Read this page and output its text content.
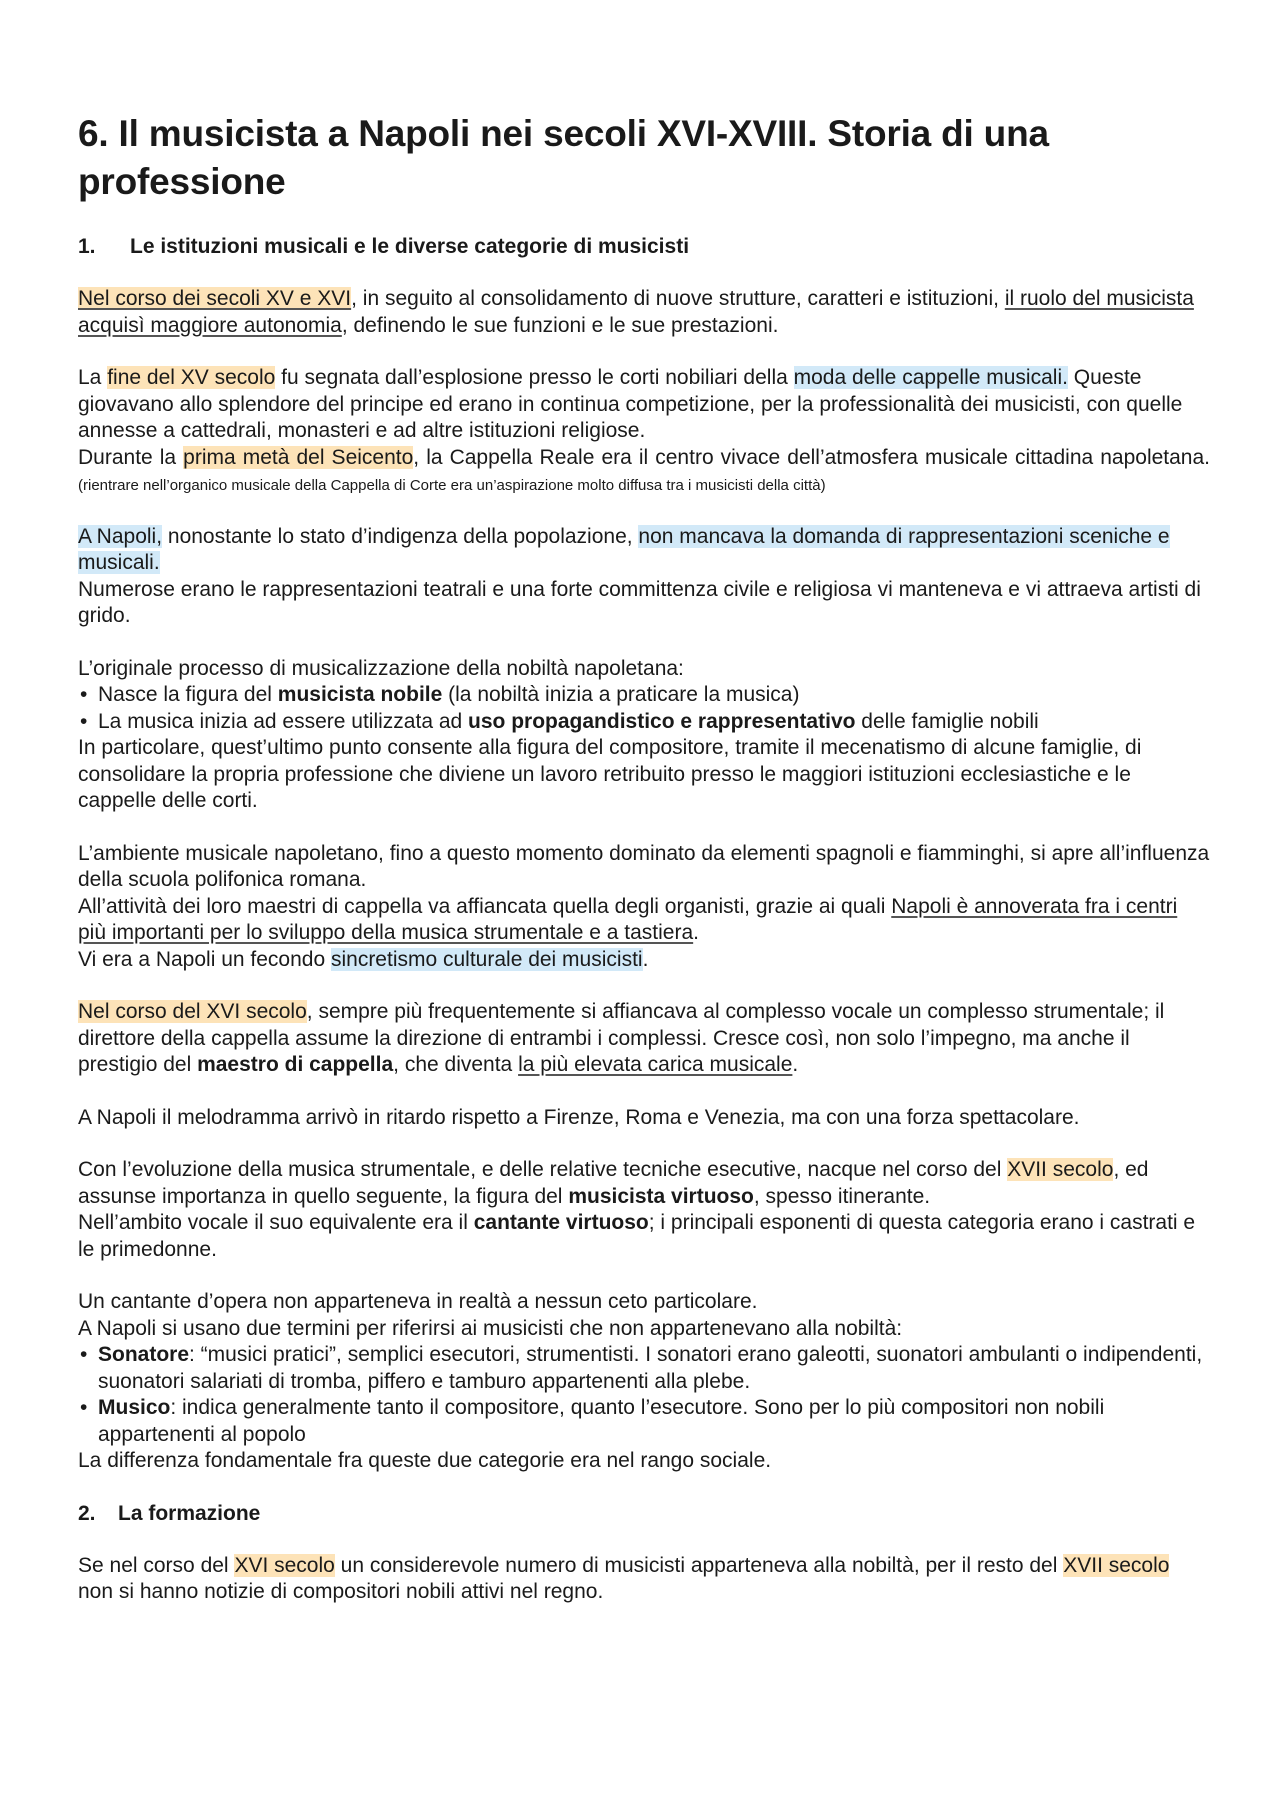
6. Il musicista a Napoli nei secoli XVI-XVIII. Storia di una professione
1. Le istituzioni musicali e le diverse categorie di musicisti

Nel corso dei secoli XV e XVI, in seguito al consolidamento di nuove strutture, caratteri e istituzioni, il ruolo del musicista acquisì maggiore autonomia, definendo le sue funzioni e le sue prestazioni.

La fine del XV secolo fu segnata dall’esplosione presso le corti nobiliari della moda delle cappelle musicali. Queste giovavano allo splendore del principe ed erano in continua competizione, per la professionalità dei musicisti, con quelle annesse a cattedrali, monasteri e ad altre istituzioni religiose.
Durante la prima metà del Seicento, la Cappella Reale era il centro vivace dell’atmosfera musicale cittadina napoletana. (rientrare nell’organico musicale della Cappella di Corte era un’aspirazione molto diffusa tra i musicisti della città)

A Napoli, nonostante lo stato d’indigenza della popolazione, non mancava la domanda di rappresentazioni sceniche e musicali.
Numerose erano le rappresentazioni teatrali e una forte committenza civile e religiosa vi manteneva e vi attraeva artisti di grido.

L’originale processo di musicalizzazione della nobiltà napoletana:

• Nasce la figura del musicista nobile (la nobiltà inizia a praticare la musica)
• La musica inizia ad essere utilizzata ad uso propagandistico e rappresentativo delle famiglie nobili

In particolare, quest’ultimo punto consente alla figura del compositore, tramite il mecenatismo di alcune famiglie, di consolidare la propria professione che diviene un lavoro retribuito presso le maggiori istituzioni ecclesiastiche e le cappelle delle corti.

L’ambiente musicale napoletano, fino a questo momento dominato da elementi spagnoli e fiamminghi, si apre all’influenza della scuola polifonica romana.
All’attività dei loro maestri di cappella va affiancata quella degli organisti, grazie ai quali Napoli è annoverata fra i centri più importanti per lo sviluppo della musica strumentale e a tastiera.
Vi era a Napoli un fecondo sincretismo culturale dei musicisti.

Nel corso del XVI secolo, sempre più frequentemente si affiancava al complesso vocale un complesso strumentale; il direttore della cappella assume la direzione di entrambi i complessi. Cresce così, non solo l’impegno, ma anche il prestigio del maestro di cappella, che diventa la più elevata carica musicale.

A Napoli il melodramma arrivò in ritardo rispetto a Firenze, Roma e Venezia, ma con una forza spettacolare.

Con l’evoluzione della musica strumentale, e delle relative tecniche esecutive, nacque nel corso del XVII secolo, ed assunse importanza in quello seguente, la figura del musicista virtuoso, spesso itinerante.
Nell’ambito vocale il suo equivalente era il cantante virtuoso; i principali esponenti di questa categoria erano i castrati e le primedonne.

Un cantante d’opera non apparteneva in realtà a nessun ceto particolare.
A Napoli si usano due termini per riferirsi ai musicisti che non appartenevano alla nobiltà:

• Sonatore: “musici pratici”, semplici esecutori, strumentisti. I sonatori erano galeotti, suonatori ambulanti o indipendenti, suonatori salariati di tromba, piffero e tamburo appartenenti alla plebe.
• Musico: indica generalmente tanto il compositore, quanto l’esecutore. Sono per lo più compositori non nobili appartenenti al popolo

La differenza fondamentale fra queste due categorie era nel rango sociale.

2. La formazione

Se nel corso del XVI secolo un considerevole numero di musicisti apparteneva alla nobiltà, per il resto del XVII secolo non si hanno notizie di compositori nobili attivi nel regno.
